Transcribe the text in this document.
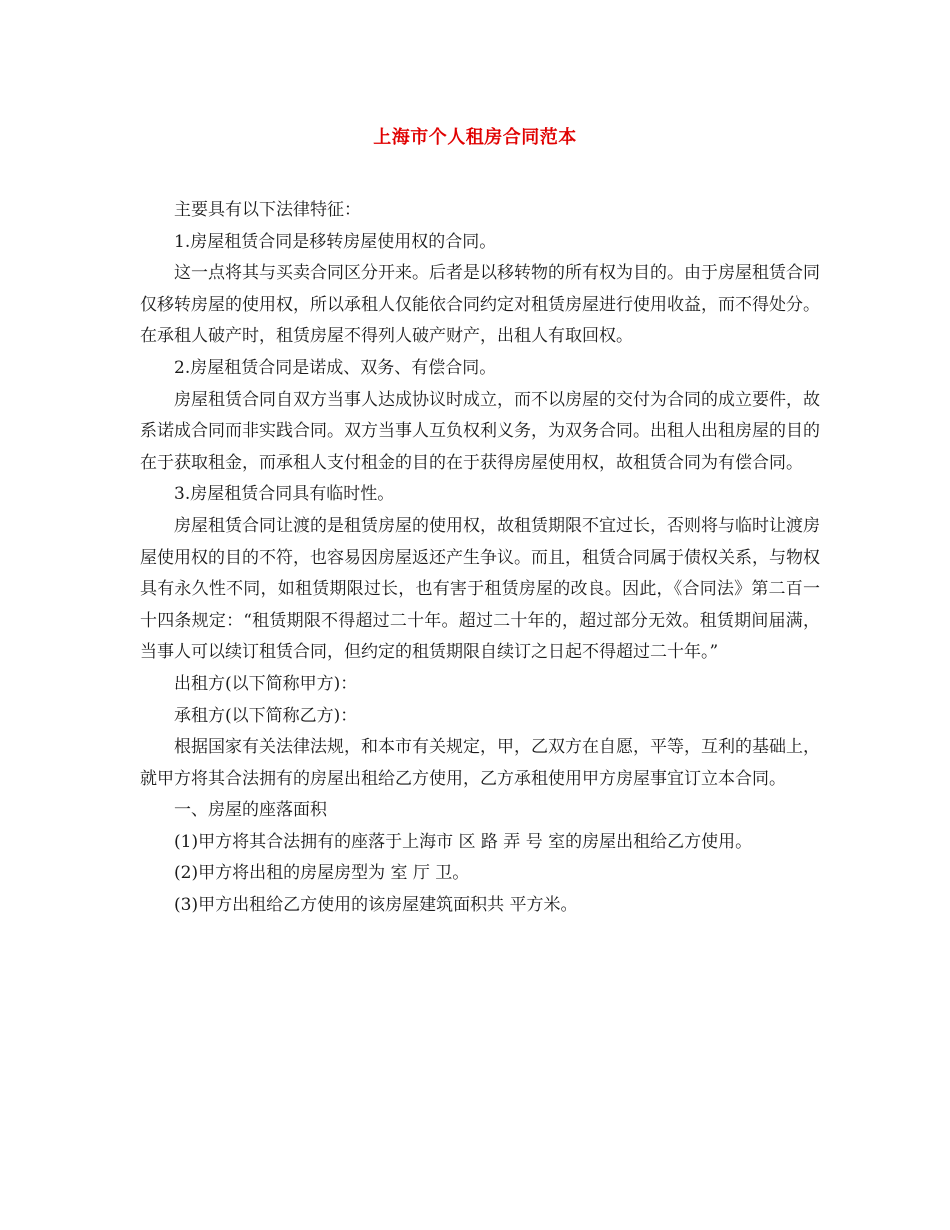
上海市个人租房合同范本

主要具有以下法律特征：

1.房屋租赁合同是移转房屋使用权的合同。

这一点将其与买卖合同区分开来。后者是以移转物的所有权为目的。由于房屋租赁合同仅移转房屋的使用权，所以承租人仅能依合同约定对租赁房屋进行使用收益，而不得处分。在承租人破产时，租赁房屋不得列人破产财产，出租人有取回权。

2.房屋租赁合同是诺成、双务、有偿合同。

房屋租赁合同自双方当事人达成协议时成立，而不以房屋的交付为合同的成立要件，故系诺成合同而非实践合同。双方当事人互负权利义务，为双务合同。出租人出租房屋的目的在于获取租金，而承租人支付租金的目的在于获得房屋使用权，故租赁合同为有偿合同。

3.房屋租赁合同具有临时性。

房屋租赁合同让渡的是租赁房屋的使用权，故租赁期限不宜过长，否则将与临时让渡房屋使用权的目的不符，也容易因房屋返还产生争议。而且，租赁合同属于债权关系，与物权具有永久性不同，如租赁期限过长，也有害于租赁房屋的改良。因此，《合同法》第二百一十四条规定：“租赁期限不得超过二十年。超过二十年的，超过部分无效。租赁期间届满，当事人可以续订租赁合同，但约定的租赁期限自续订之日起不得超过二十年。”

出租方(以下简称甲方)：

承租方(以下简称乙方)：

根据国家有关法律法规，和本市有关规定，甲，乙双方在自愿，平等，互利的基础上，就甲方将其合法拥有的房屋出租给乙方使用，乙方承租使用甲方房屋事宜订立本合同。

一、房屋的座落面积

(1)甲方将其合法拥有的座落于上海市 区 路 弄 号 室的房屋出租给乙方使用。

(2)甲方将出租的房屋房型为 室 厅 卫。

(3)甲方出租给乙方使用的该房屋建筑面积共 平方米。
